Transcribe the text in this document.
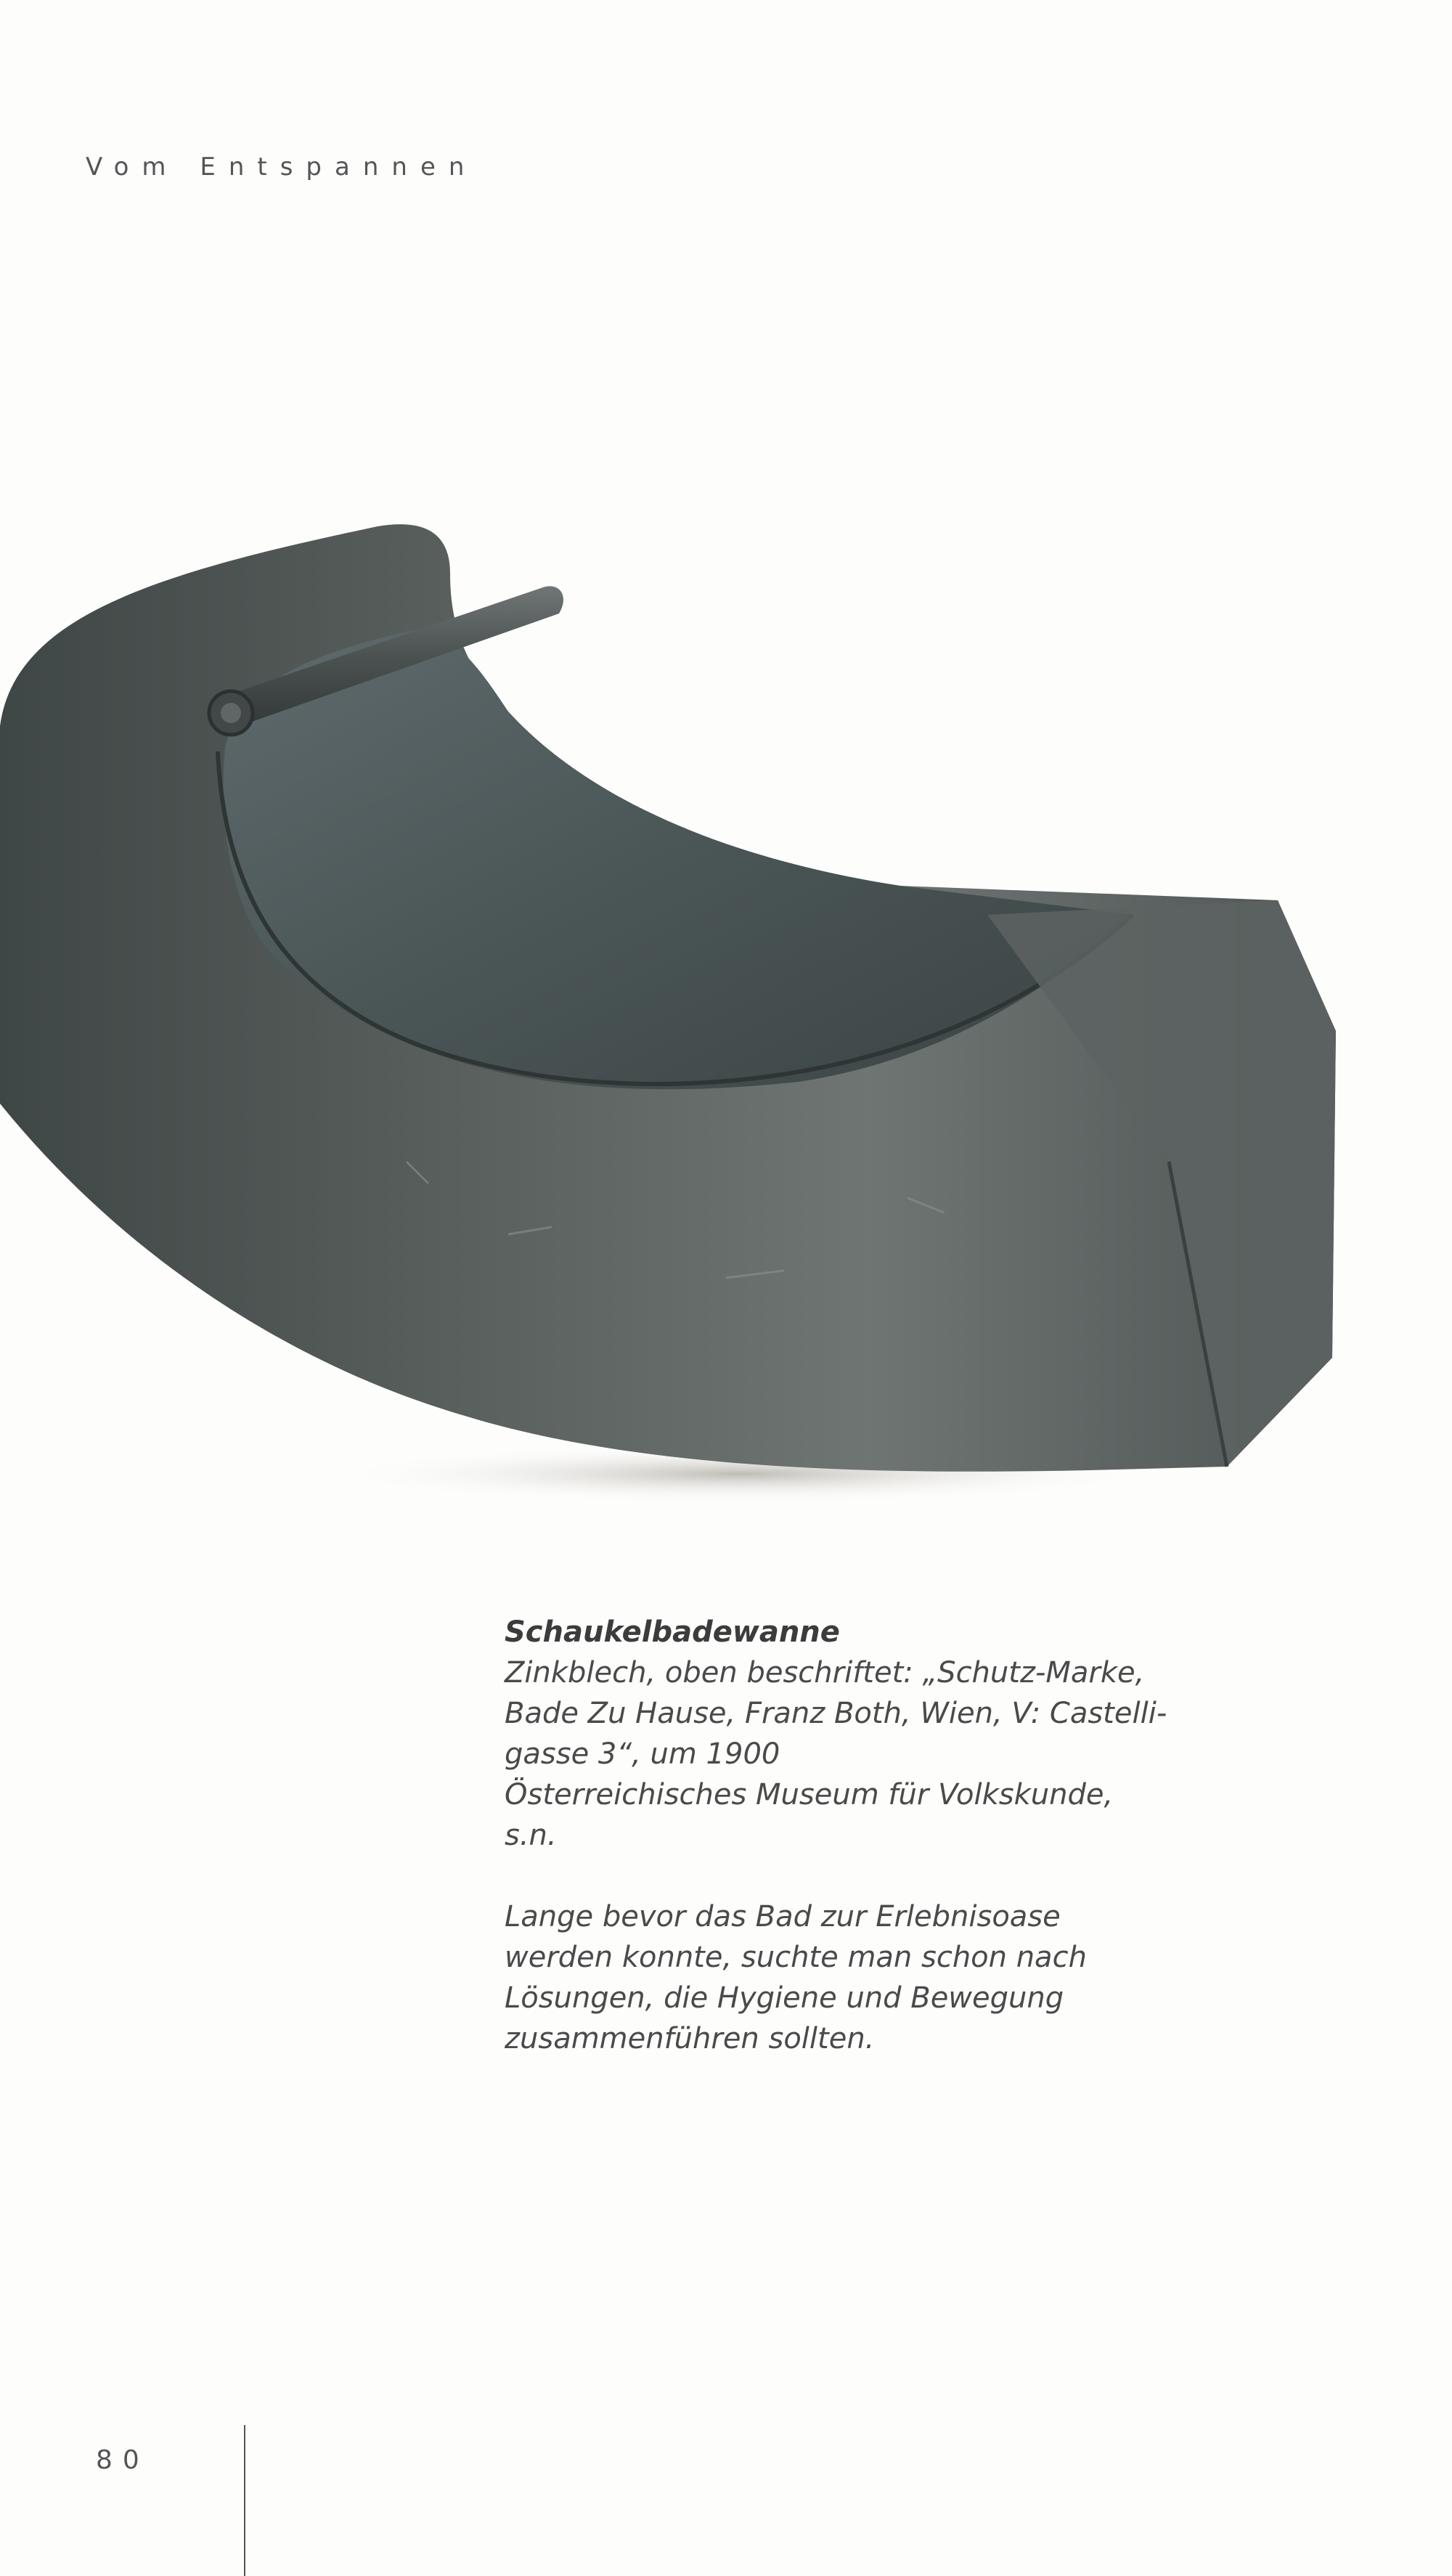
Vom Entspannen
Schaukelbadewanne
Zinkblech, oben beschriftet: „Schutz-Marke,
Bade Zu Hause, Franz Both, Wien, V: Castelli-
gasse 3“, um 1900
Österreichisches Museum für Volkskunde,
s.n.
Lange bevor das Bad zur Erlebnisoase
werden konnte, suchte man schon nach
Lösungen, die Hygiene und Bewegung
zusammenführen sollten.
80
